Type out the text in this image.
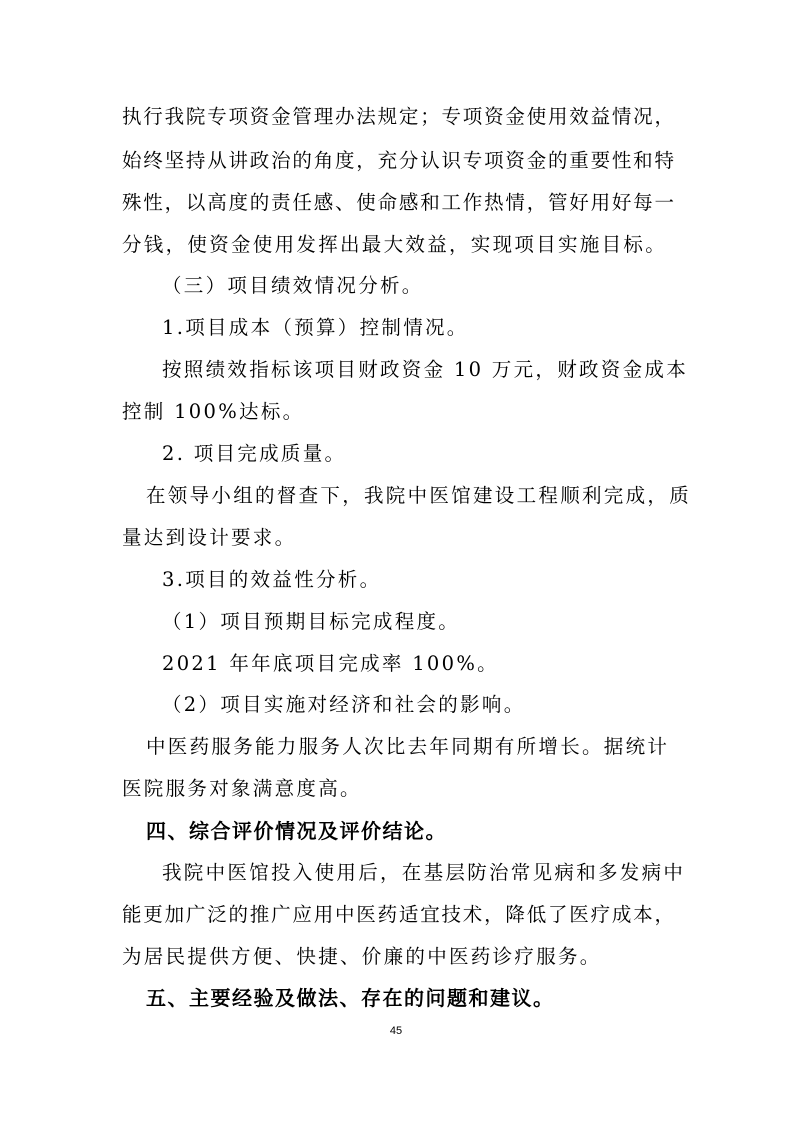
执行我院专项资金管理办法规定；专项资金使用效益情况，
始终坚持从讲政治的角度，充分认识专项资金的重要性和特
殊性，以高度的责任感、使命感和工作热情，管好用好每一
分钱，使资金使用发挥出最大效益，实现项目实施目标。
（三）项目绩效情况分析。
1.项目成本（预算）控制情况。
按照绩效指标该项目财政资金 10 万元，财政资金成本
控制 100%达标。
2. 项目完成质量。
在领导小组的督查下，我院中医馆建设工程顺利完成，质
量达到设计要求。
3.项目的效益性分析。
（1）项目预期目标完成程度。
2021 年年底项目完成率 100%。
（2）项目实施对经济和社会的影响。
中医药服务能力服务人次比去年同期有所增长。据统计
医院服务对象满意度高。
四、综合评价情况及评价结论。
我院中医馆投入使用后，在基层防治常见病和多发病中
能更加广泛的推广应用中医药适宜技术，降低了医疗成本，
为居民提供方便、快捷、价廉的中医药诊疗服务。
五、主要经验及做法、存在的问题和建议。
45
